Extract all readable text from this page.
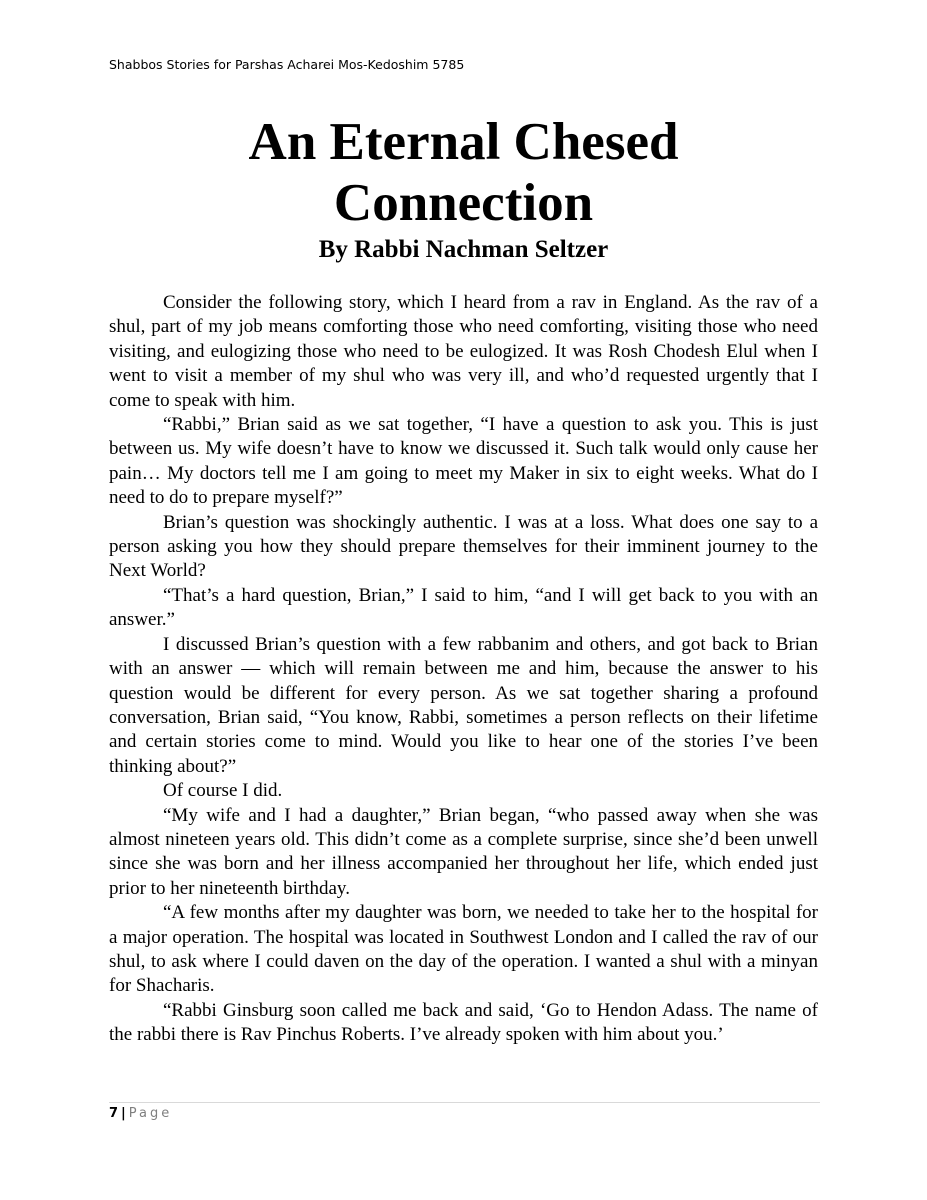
Shabbos Stories for Parshas Acharei Mos-Kedoshim 5785
An Eternal Chesed
Connection
By Rabbi Nachman Seltzer

Consider the following story, which I heard from a rav in England. As the rav of a shul, part of my job means comforting those who need comforting, visiting those who need visiting, and eulogizing those who need to be eulogized. It was Rosh Chodesh Elul when I went to visit a member of my shul who was very ill, and who’d requested urgently that I come to speak with him.

“Rabbi,” Brian said as we sat together, “I have a question to ask you. This is just between us. My wife doesn’t have to know we discussed it. Such talk would only cause her pain… My doctors tell me I am going to meet my Maker in six to eight weeks. What do I need to do to prepare myself?”

Brian’s question was shockingly authentic. I was at a loss. What does one say to a person asking you how they should prepare themselves for their imminent journey to the Next World?

“That’s a hard question, Brian,” I said to him, “and I will get back to you with an answer.”

I discussed Brian’s question with a few rabbanim and others, and got back to Brian with an answer — which will remain between me and him, because the answer to his question would be different for every person. As we sat together sharing a profound conversation, Brian said, “You know, Rabbi, sometimes a person reflects on their lifetime and certain stories come to mind. Would you like to hear one of the stories I’ve been thinking about?”

Of course I did.

“My wife and I had a daughter,” Brian began, “who passed away when she was almost nineteen years old. This didn’t come as a complete surprise, since she’d been unwell since she was born and her illness accompanied her throughout her life, which ended just prior to her nineteenth birthday.

“A few months after my daughter was born, we needed to take her to the hospital for a major operation. The hospital was located in Southwest London and I called the rav of our shul, to ask where I could daven on the day of the operation. I wanted a shul with a minyan for Shacharis.

“Rabbi Ginsburg soon called me back and said, ‘Go to Hendon Adass. The name of the rabbi there is Rav Pinchus Roberts. I’ve already spoken with him about you.’

7 | Page
